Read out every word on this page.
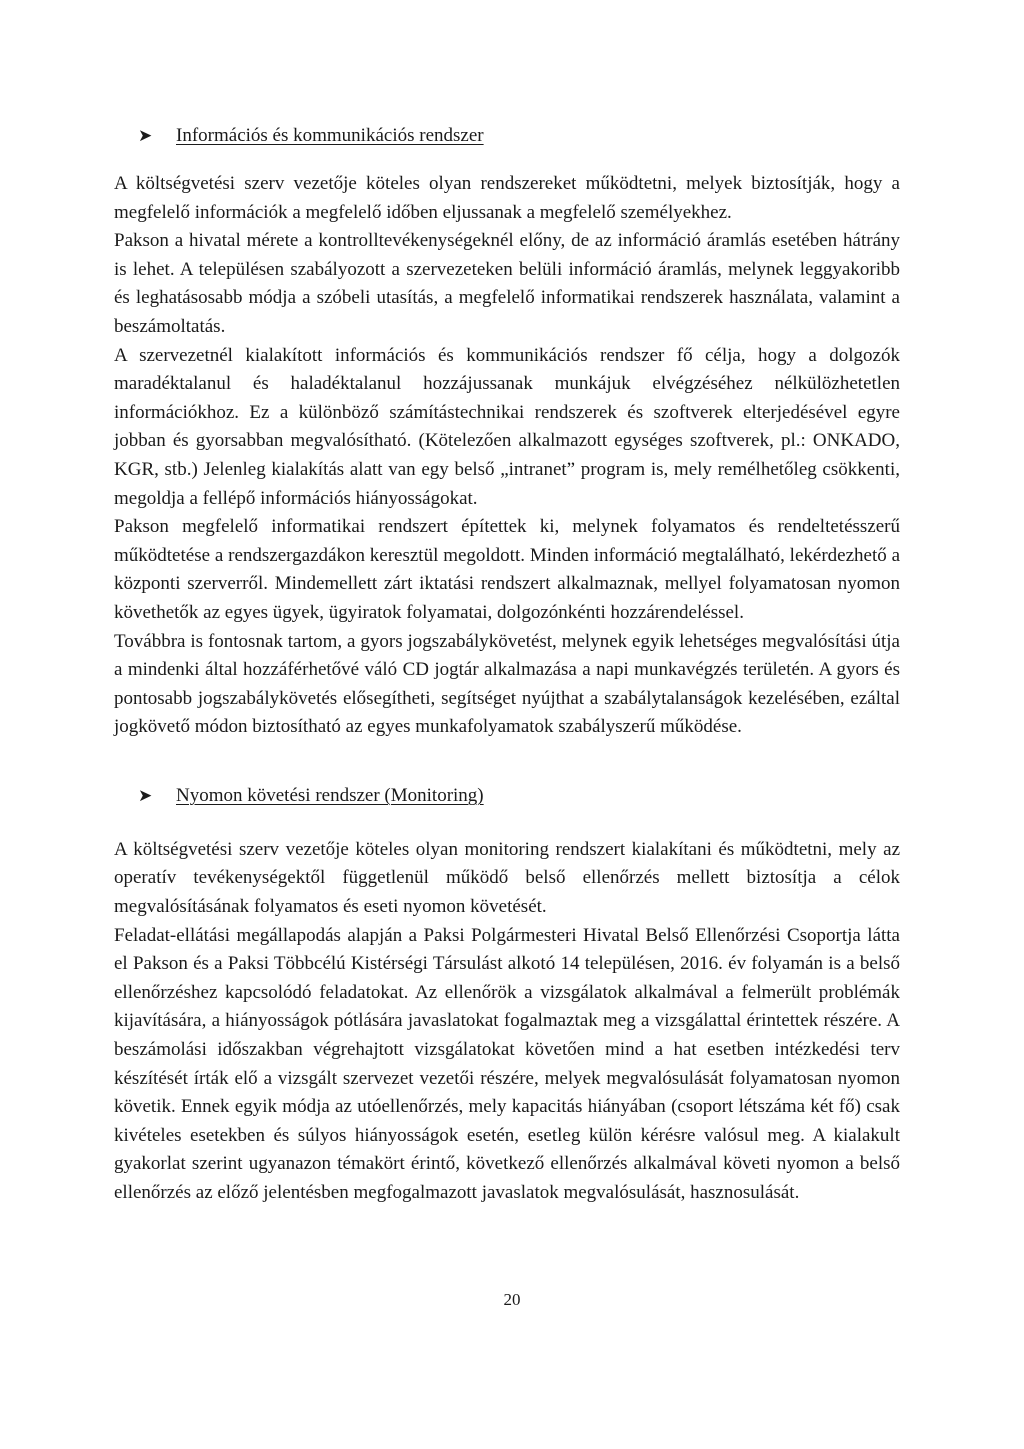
➤	Információs és kommunikációs rendszer

A költségvetési szerv vezetője köteles olyan rendszereket működtetni, melyek biztosítják, hogy a megfelelő információk a megfelelő időben eljussanak a megfelelő személyekhez.

Pakson a hivatal mérete a kontrolltevékenységeknél előny, de az információ áramlás esetében hátrány is lehet. A településen szabályozott a szervezeteken belüli információ áramlás, melynek leggyakoribb és leghatásosabb módja a szóbeli utasítás, a megfelelő informatikai rendszerek használata, valamint a beszámoltatás.

A szervezetnél kialakított információs és kommunikációs rendszer fő célja, hogy a dolgozók maradéktalanul és haladéktalanul hozzájussanak munkájuk elvégzéséhez nélkülözhetetlen információkhoz. Ez a különböző számítástechnikai rendszerek és szoftverek elterjedésével egyre jobban és gyorsabban megvalósítható. (Kötelezően alkalmazott egységes szoftverek, pl.: ONKADO, KGR, stb.) Jelenleg kialakítás alatt van egy belső „intranet” program is, mely remélhetőleg csökkenti, megoldja a fellépő információs hiányosságokat.

Pakson megfelelő informatikai rendszert építettek ki, melynek folyamatos és rendeltetésszerű működtetése a rendszergazdákon keresztül megoldott. Minden információ megtalálható, lekérdezhető a központi szerverről. Mindemellett zárt iktatási rendszert alkalmaznak, mellyel folyamatosan nyomon követhetők az egyes ügyek, ügyiratok folyamatai, dolgozónkénti hozzárendeléssel.

Továbbra is fontosnak tartom, a gyors jogszabálykövetést, melynek egyik lehetséges megvalósítási útja a mindenki által hozzáférhetővé váló CD jogtár alkalmazása a napi munkavégzés területén. A gyors és pontosabb jogszabálykövetés elősegítheti, segítséget nyújthat a szabálytalanságok kezelésében, ezáltal jogkövető módon biztosítható az egyes munkafolyamatok szabályszerű működése.

➤	Nyomon követési rendszer (Monitoring)

A költségvetési szerv vezetője köteles olyan monitoring rendszert kialakítani és működtetni, mely az operatív tevékenységektől függetlenül működő belső ellenőrzés mellett biztosítja a célok megvalósításának folyamatos és eseti nyomon követését.

Feladat-ellátási megállapodás alapján a Paksi Polgármesteri Hivatal Belső Ellenőrzési Csoportja látta el Pakson és a Paksi Többcélú Kistérségi Társulást alkotó 14 településen, 2016. év folyamán is a belső ellenőrzéshez kapcsolódó feladatokat. Az ellenőrök a vizsgálatok alkalmával a felmerült problémák kijavítására, a hiányosságok pótlására javaslatokat fogalmaztak meg a vizsgálattal érintettek részére. A beszámolási időszakban végrehajtott vizsgálatokat követően mind a hat esetben intézkedési terv készítését írták elő a vizsgált szervezet vezetői részére, melyek megvalósulását folyamatosan nyomon követik. Ennek egyik módja az utóellenőrzés, mely kapacitás hiányában (csoport létszáma két fő) csak kivételes esetekben és súlyos hiányosságok esetén, esetleg külön kérésre valósul meg. A kialakult gyakorlat szerint ugyanazon témakört érintő, következő ellenőrzés alkalmával követi nyomon a belső ellenőrzés az előző jelentésben megfogalmazott javaslatok megvalósulását, hasznosulását.

20
